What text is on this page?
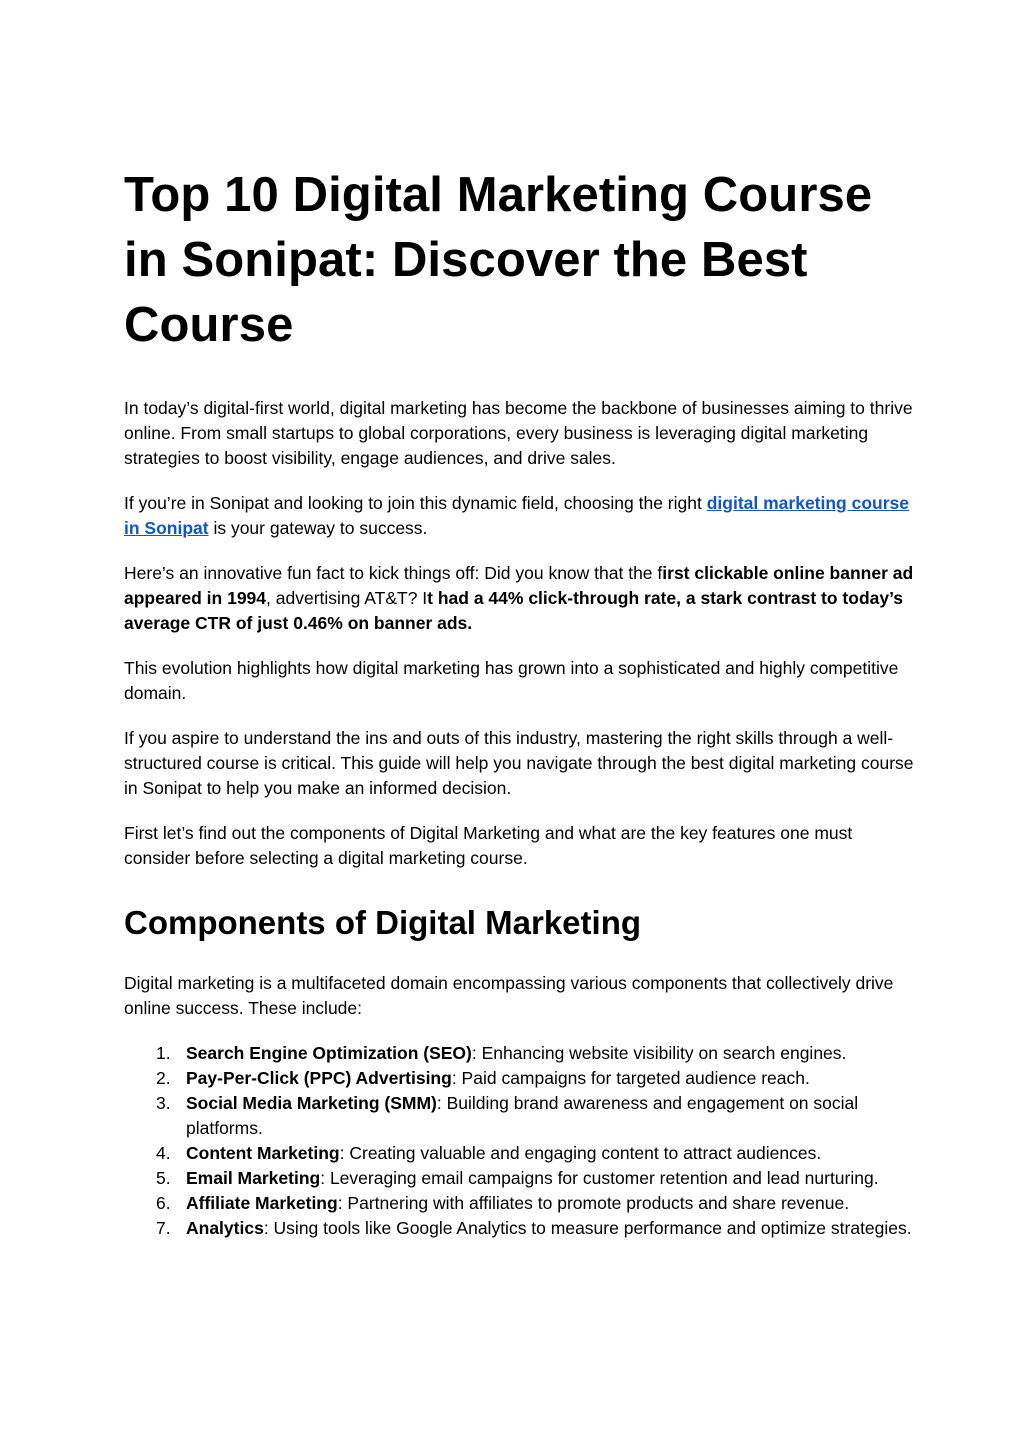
Top 10 Digital Marketing Course in Sonipat: Discover the Best Course

In today’s digital-first world, digital marketing has become the backbone of businesses aiming to thrive online. From small startups to global corporations, every business is leveraging digital marketing strategies to boost visibility, engage audiences, and drive sales.

If you’re in Sonipat and looking to join this dynamic field, choosing the right digital marketing course in Sonipat is your gateway to success.

Here’s an innovative fun fact to kick things off: Did you know that the first clickable online banner ad appeared in 1994, advertising AT&T? It had a 44% click-through rate, a stark contrast to today’s average CTR of just 0.46% on banner ads.

This evolution highlights how digital marketing has grown into a sophisticated and highly competitive domain.

If you aspire to understand the ins and outs of this industry, mastering the right skills through a well-structured course is critical. This guide will help you navigate through the best digital marketing course in Sonipat to help you make an informed decision.

First let’s find out the components of Digital Marketing and what are the key features one must consider before selecting a digital marketing course.

Components of Digital Marketing

Digital marketing is a multifaceted domain encompassing various components that collectively drive online success. These include:

1. Search Engine Optimization (SEO): Enhancing website visibility on search engines.
2. Pay-Per-Click (PPC) Advertising: Paid campaigns for targeted audience reach.
3. Social Media Marketing (SMM): Building brand awareness and engagement on social platforms.
4. Content Marketing: Creating valuable and engaging content to attract audiences.
5. Email Marketing: Leveraging email campaigns for customer retention and lead nurturing.
6. Affiliate Marketing: Partnering with affiliates to promote products and share revenue.
7. Analytics: Using tools like Google Analytics to measure performance and optimize strategies.
